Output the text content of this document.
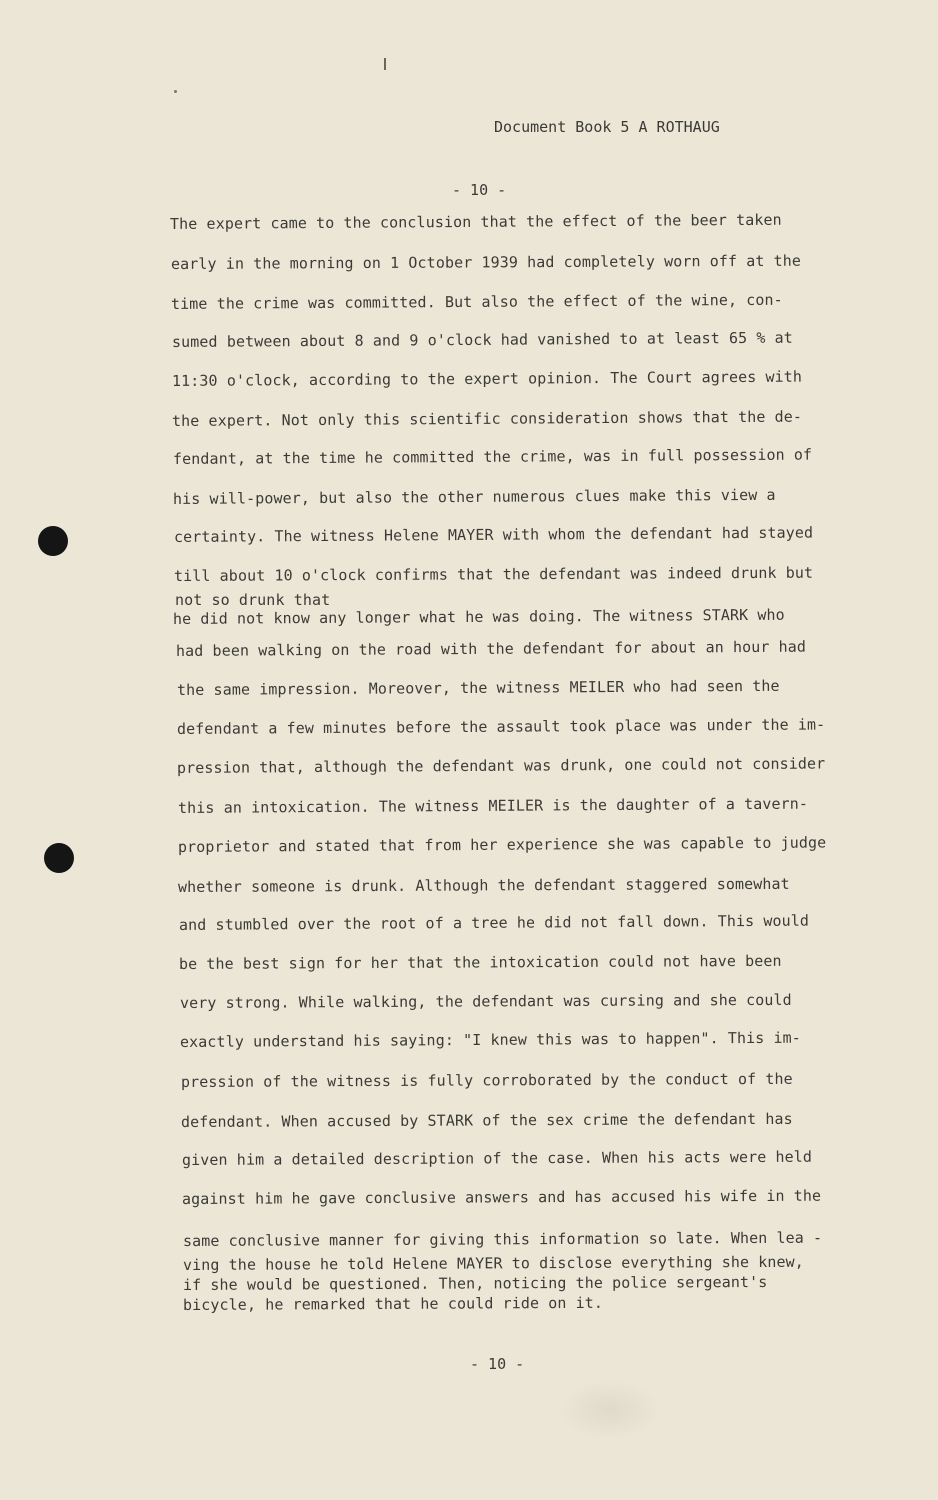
Document Book 5 A ROTHAUG
- 10 -
The expert came to the conclusion that the effect of the beer taken
early in the morning on 1 October 1939 had completely worn off at the
time the crime was committed. But also the effect of the wine, con-
sumed between about 8 and 9 o'clock had vanished to at least 65 % at
11:30 o'clock, according to the expert opinion. The Court agrees with
the expert. Not only this scientific consideration shows that the de-
fendant, at the time he committed the crime, was in full possession of
his will-power, but also the other numerous clues make this view a
certainty. The witness Helene MAYER with whom the defendant had stayed
till about 10 o'clock confirms that the defendant was indeed drunk but
not so drunk that
he did not know any longer what he was doing. The witness STARK who
had been walking on the road with the defendant for about an hour had
the same impression. Moreover, the witness MEILER who had seen the
defendant a few minutes before the assault took place was under the im-
pression that, although the defendant was drunk, one could not consider
this an intoxication. The witness MEILER is the daughter of a tavern-
proprietor and stated that from her experience she was capable to judge
whether someone is drunk. Although the defendant staggered somewhat
and stumbled over the root of a tree he did not fall down. This would
be the best sign for her that the intoxication could not have been
very strong. While walking, the defendant was cursing and she could
exactly understand his saying: "I knew this was to happen". This im-
pression of the witness is fully corroborated by the conduct of the
defendant. When accused by STARK of the sex crime the defendant has
given him a detailed description of the case. When his acts were held
against him he gave conclusive answers and has accused his wife in the
same conclusive manner for giving this information so late. When lea -
ving the house he told Helene MAYER to disclose everything she knew,
if she would be questioned. Then, noticing the police sergeant's
bicycle, he remarked that he could ride on it.
- 10 -
